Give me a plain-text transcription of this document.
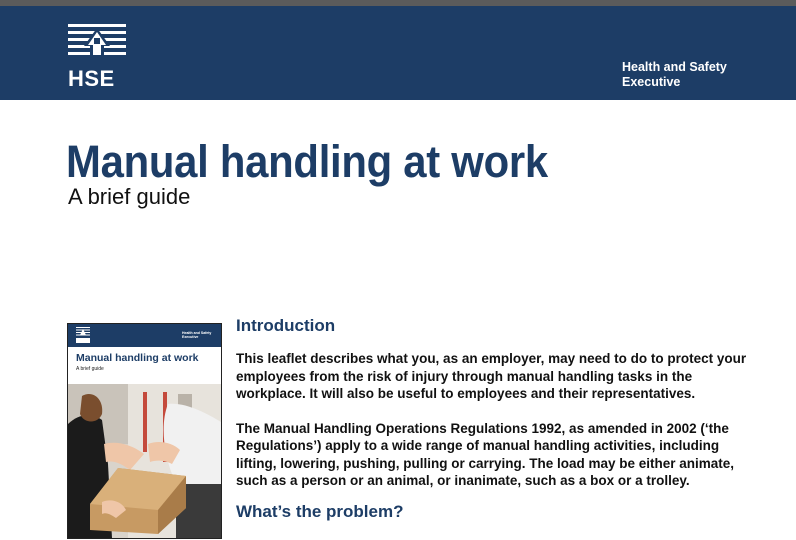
HSE	Health and Safety
Executive
Manual handling at work
A brief guide
Health and Safety
Executive
Manual handling at work
A brief guide
Introduction

This leaflet describes what you, as an employer, may need to do to protect your employees from the risk of injury through manual handling tasks in the workplace. It will also be useful to employees and their representatives.

The Manual Handling Operations Regulations 1992, as amended in 2002 (‘the Regulations’) apply to a wide range of manual handling activities, including lifting, lowering, pushing, pulling or carrying. The load may be either animate, such as a person or an animal, or inanimate, such as a box or a trolley.

What’s the problem?
